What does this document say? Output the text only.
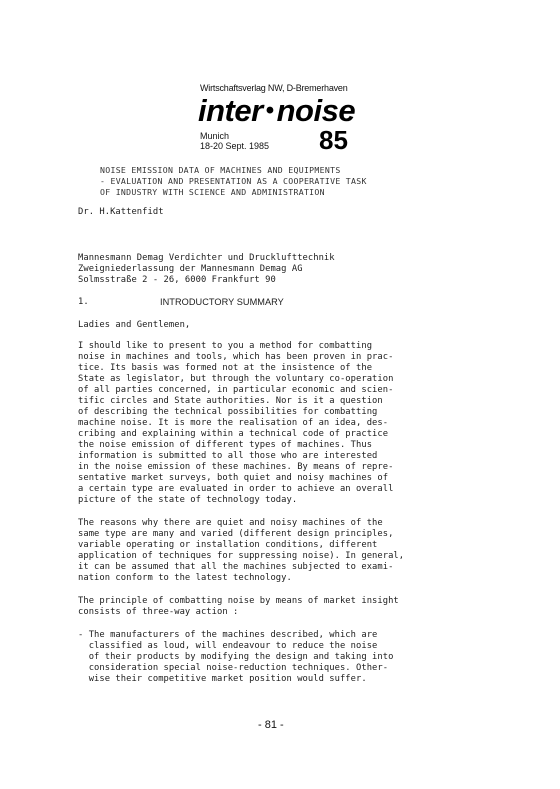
Wirtschaftsverlag NW, D-Bremerhaven
inter •noise
Munich
18-20 Sept. 1985 85
NOISE EMISSION DATA OF MACHINES AND EQUIPMENTS
- EVALUATION AND PRESENTATION AS A COOPERATIVE TASK
OF INDUSTRY WITH SCIENCE AND ADMINISTRATION
Dr. H.Kattenfidt
Mannesmann Demag Verdichter und Drucklufttechnik
Zweigniederlassung der Mannesmann Demag AG
Solmsstraße 2 - 26, 6000 Frankfurt 90
1.	INTRODUCTORY SUMMARY
Ladies and Gentlemen,
I should like to present to you a method for combatting
noise in machines and tools, which has been proven in prac-
tice. Its basis was formed not at the insistence of the
State as legislator, but through the voluntary co-operation
of all parties concerned, in particular economic and scien-
tific circles and State authorities. Nor is it a question
of describing the technical possibilities for combatting
machine noise. It is more the realisation of an idea, des-
cribing and explaining within a technical code of practice
the noise emission of different types of machines. Thus
information is submitted to all those who are interested
in the noise emission of these machines. By means of repre-
sentative market surveys, both quiet and noisy machines of
a certain type are evaluated in order to achieve an overall
picture of the state of technology today.
The reasons why there are quiet and noisy machines of the
same type are many and varied (different design principles,
variable operating or installation conditions, different
application of techniques for suppressing noise). In general,
it can be assumed that all the machines subjected to exami-
nation conform to the latest technology.
The principle of combatting noise by means of market insight
consists of three-way action :
- The manufacturers of the machines described, which are
classified as loud, will endeavour to reduce the noise
of their products by modifying the design and taking into
consideration special noise-reduction techniques. Other-
wise their competitive market position would suffer.
- 81 -
